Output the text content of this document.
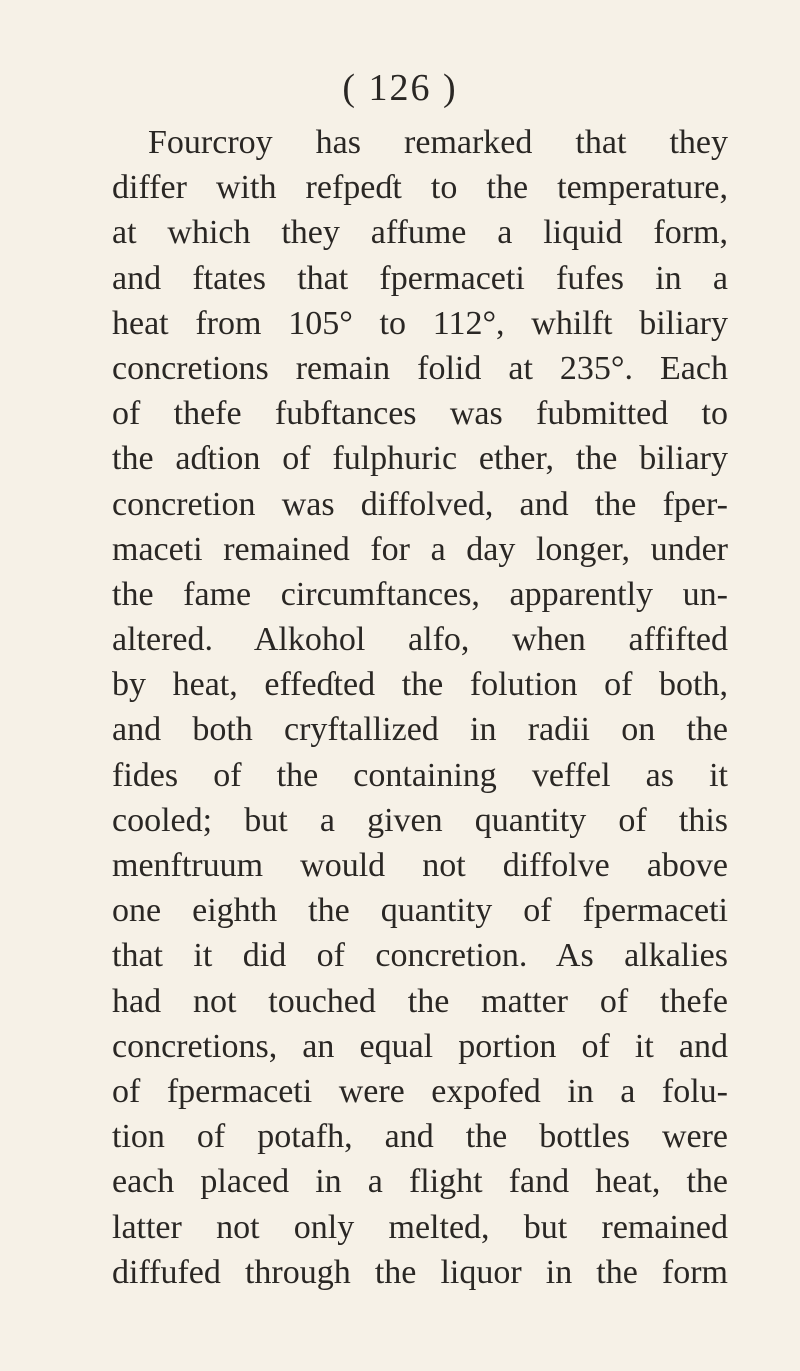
( 126 )
Fourcroy has remarked that they
differ with refpeɗt to the temperature,
at which they affume a liquid form,
and ftates that fpermaceti fufes in a
heat from 105° to 112°, whilft biliary
concretions remain folid at 235°. Each
of thefe fubftances was fubmitted to
the aɗtion of fulphuric ether, the biliary
concretion was diffolved, and the fper-
maceti remained for a day longer, under
the fame circumftances, apparently un-
altered. Alkohol alfo, when affifted
by heat, effeɗted the folution of both,
and both cryftallized in radii on the
fides of the containing veffel as it
cooled; but a given quantity of this
menftruum would not diffolve above
one eighth the quantity of fpermaceti
that it did of concretion. As alkalies
had not touched the matter of thefe
concretions, an equal portion of it and
of fpermaceti were expofed in a folu-
tion of potafh, and the bottles were
each placed in a flight fand heat, the
latter not only melted, but remained
diffufed through the liquor in the form
